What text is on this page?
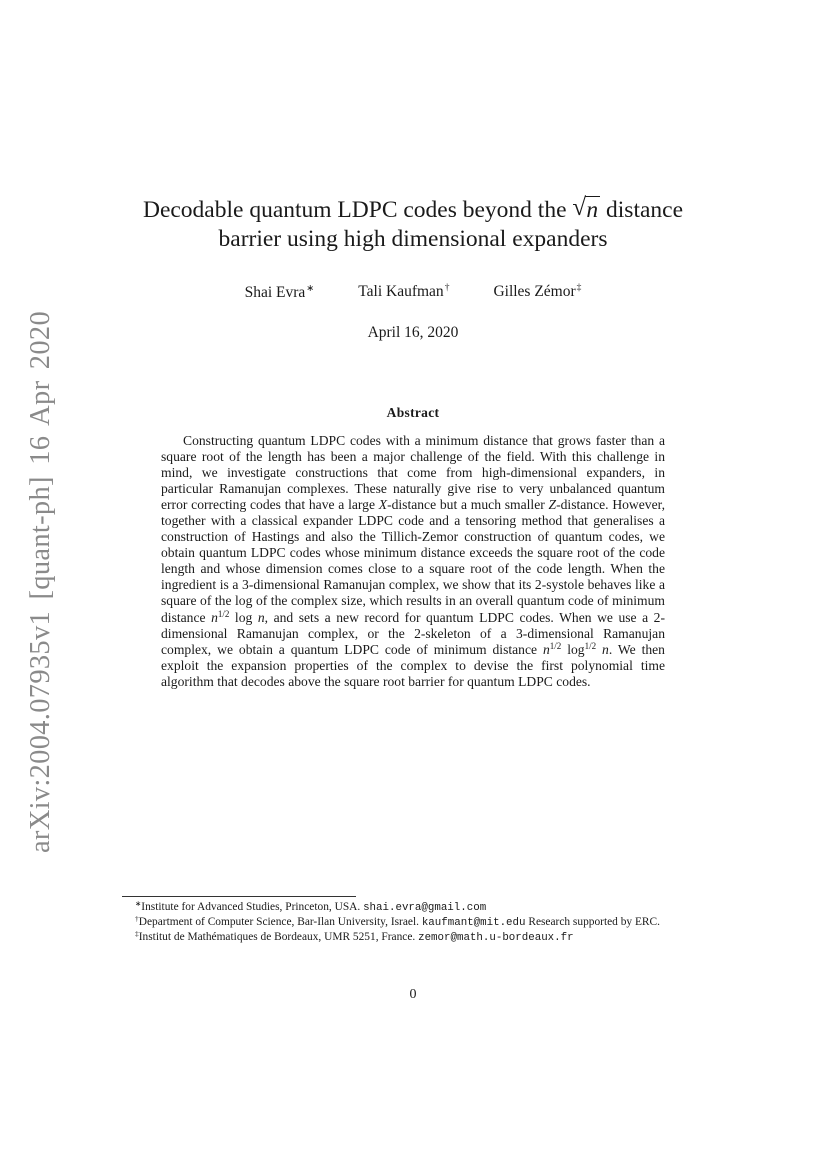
arXiv:2004.07935v1 [quant-ph] 16 Apr 2020
Decodable quantum LDPC codes beyond the √ n distance
barrier using high dimensional expanders
Shai Evra∗	Tali Kaufman†	Gilles Zémor‡
April 16, 2020
Abstract
Constructing quantum LDPC codes with a minimum distance that grows faster than a square root of the length has been a major challenge of the field. With this challenge in mind, we investigate constructions that come from high-dimensional expanders, in particular Ramanujan complexes. These naturally give rise to very unbalanced quantum error correcting codes that have a large X-distance but a much smaller Z-distance. However, together with a classical expander LDPC code and a tensoring method that generalises a construction of Hastings and also the Tillich-Zemor construction of quantum codes, we obtain quantum LDPC codes whose minimum distance exceeds the square root of the code length and whose dimension comes close to a square root of the code length. When the ingredient is a 3-dimensional Ramanujan complex, we show that its 2-systole behaves like a square of the log of the complex size, which results in an overall quantum code of minimum distance $n^{1/2}$ log n, and sets a new record for quantum LDPC codes. When we use a 2-dimensional Ramanujan complex, or the 2-skeleton of a 3-dimensional Ramanujan complex, we obtain a quantum LDPC code of minimum distance $n^{1/2}$ $\log^{1/2} n$. We then exploit the expansion properties of the complex to devise the first polynomial time algorithm that decodes above the square root barrier for quantum LDPC codes.
∗Institute for Advanced Studies, Princeton, USA. shai.evra@gmail.com
†Department of Computer Science, Bar-Ilan University, Israel. kaufmant@mit.edu Research supported by ERC.
‡Institut de Mathématiques de Bordeaux, UMR 5251, France. zemor@math.u-bordeaux.fr
0
